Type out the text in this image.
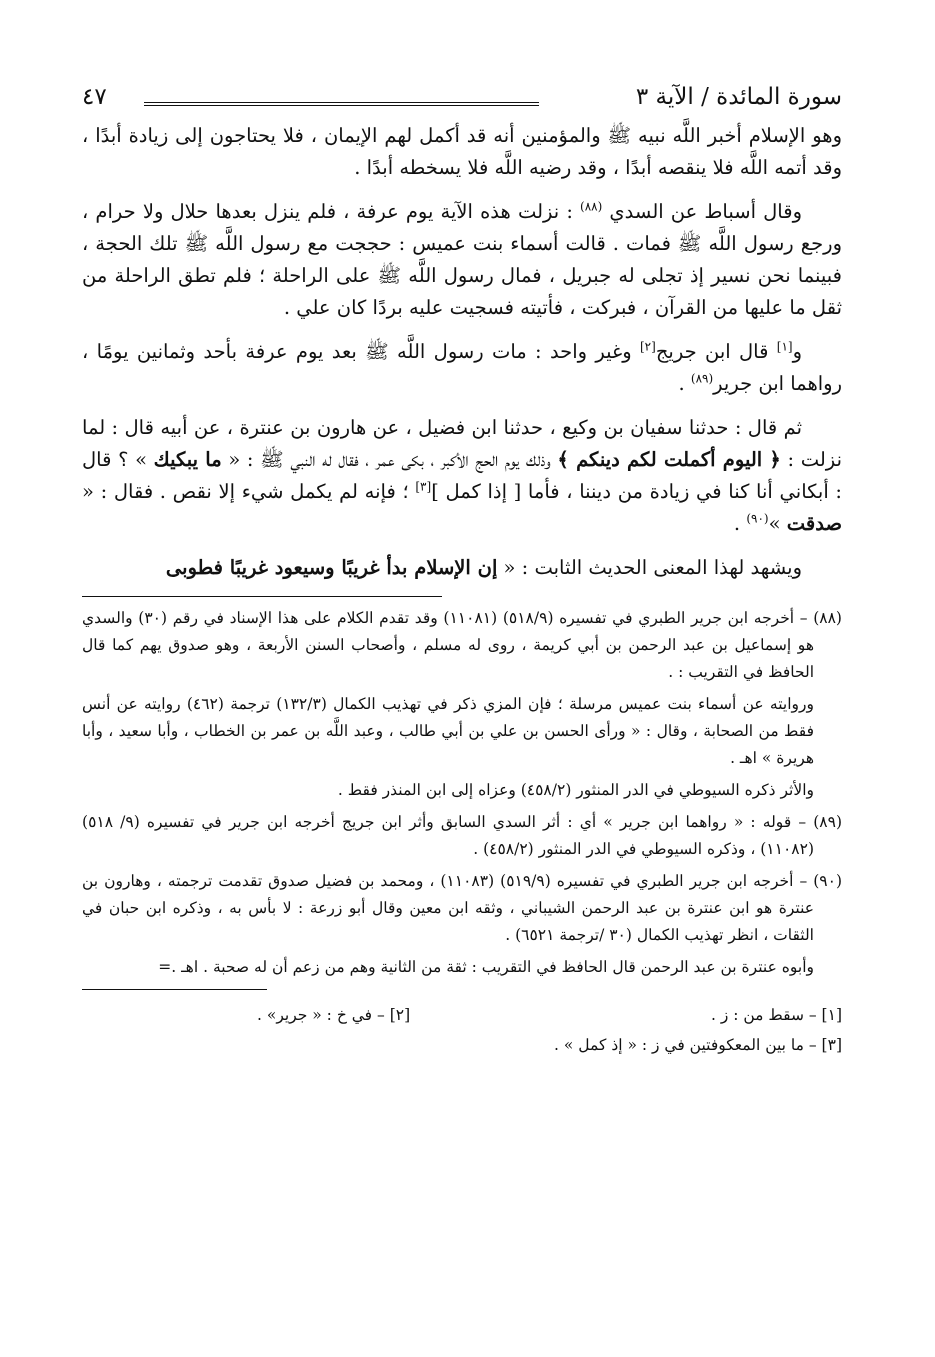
سورة المائدة / الآية ٣
٤٧

وهو الإسلام أخبر اللَّه نبيه ﷺ والمؤمنين أنه قد أكمل لهم الإيمان ، فلا يحتاجون إلى زيادة أبدًا ، وقد أتمه اللَّه فلا ينقصه أبدًا ، وقد رضيه اللَّه فلا يسخطه أبدًا .

وقال أسباط عن السدي $^{(٨٨)}$ : نزلت هذه الآية يوم عرفة ، فلم ينزل بعدها حلال ولا حرام ، ورجع رسول اللَّه ﷺ فمات . قالت أسماء بنت عميس : حججت مع رسول اللَّه ﷺ تلك الحجة ، فبينما نحن نسير إذ تجلى له جبريل ، فمال رسول اللَّه ﷺ على الراحلة ؛ فلم تطق الراحلة من ثقل ما عليها من القرآن ، فبركت ، فأتيته فسجيت عليه بردًا كان علي .

و[١] قال ابن جريج[٢] وغير واحد : مات رسول اللَّه ﷺ بعد يوم عرفة بأحد وثمانين يومًا ، رواهما ابن جرير$^{(٨٩)}$ .

ثم قال : حدثنا سفيان بن وكيع ، حدثنا ابن فضيل ، عن هارون بن عنترة ، عن أبيه قال : لما نزلت : ﴿ اليوم أكملت لكم دينكم ﴾ وذلك يوم الحج الأكبر ، بكى عمر ، فقال له النبي ﷺ : « ما يبكيك » ؟ قال : أبكاني أنا كنا في زيادة من ديننا ، فأما [ إذا كمل ][٣] ؛ فإنه لم يكمل شيء إلا نقص . فقال : « صدقت »$^{(٩٠)}$ .

ويشهد لهذا المعنى الحديث الثابت : « إن الإسلام بدأ غريبًا وسيعود غريبًا فطوبى

(٨٨) – أخرجه ابن جرير الطبري في تفسيره (٥١٨/٩) (١١٠٨١) وقد تقدم الكلام على هذا الإسناد في رقم (٣٠) والسدي هو إسماعيل بن عبد الرحمن بن أبي كريمة ، روى له مسلم ، وأصحاب السنن الأربعة ، وهو صدوق يهم كما قال الحافظ في التقريب : .

وروايته عن أسماء بنت عميس مرسلة ؛ فإن المزي ذكر في تهذيب الكمال (١٣٢/٣) ترجمة (٤٦٢) روايته عن أنس فقط من الصحابة ، وقال : « ورأى الحسن بن علي بن أبي طالب ، وعبد اللَّه بن عمر بن الخطاب ، وأبا سعيد ، وأبا هريرة » اهـ .

والأثر ذكره السيوطي في الدر المنثور (٤٥٨/٢) وعزاه إلى ابن المنذر فقط .

(٨٩) – قوله : « رواهما ابن جرير » أي : أثر السدي السابق وأثر ابن جريج أخرجه ابن جرير في تفسيره (٩/ ٥١٨) (١١٠٨٢) ، وذكره السيوطي في الدر المنثور (٤٥٨/٢) .

(٩٠) – أخرجه ابن جرير الطبري في تفسيره (٥١٩/٩) (١١٠٨٣) ، ومحمد بن فضيل صدوق تقدمت ترجمته ، وهارون بن عنترة هو ابن عنترة بن عبد الرحمن الشيباني ، وثقه ابن معين وقال أبو زرعة : لا بأس به ، وذكره ابن حبان في الثقات ، انظر تهذيب الكمال (٣٠ /ترجمة ٦٥٢١) .

وأبوه عنترة بن عبد الرحمن قال الحافظ في التقريب : ثقة من الثانية وهم من زعم أن له صحبة . اهـ .=

[١] – سقط من : ز .
[٢] – في خ : « جرير» .
[٣] – ما بين المعكوفتين في ز : « إذ كمل » .
